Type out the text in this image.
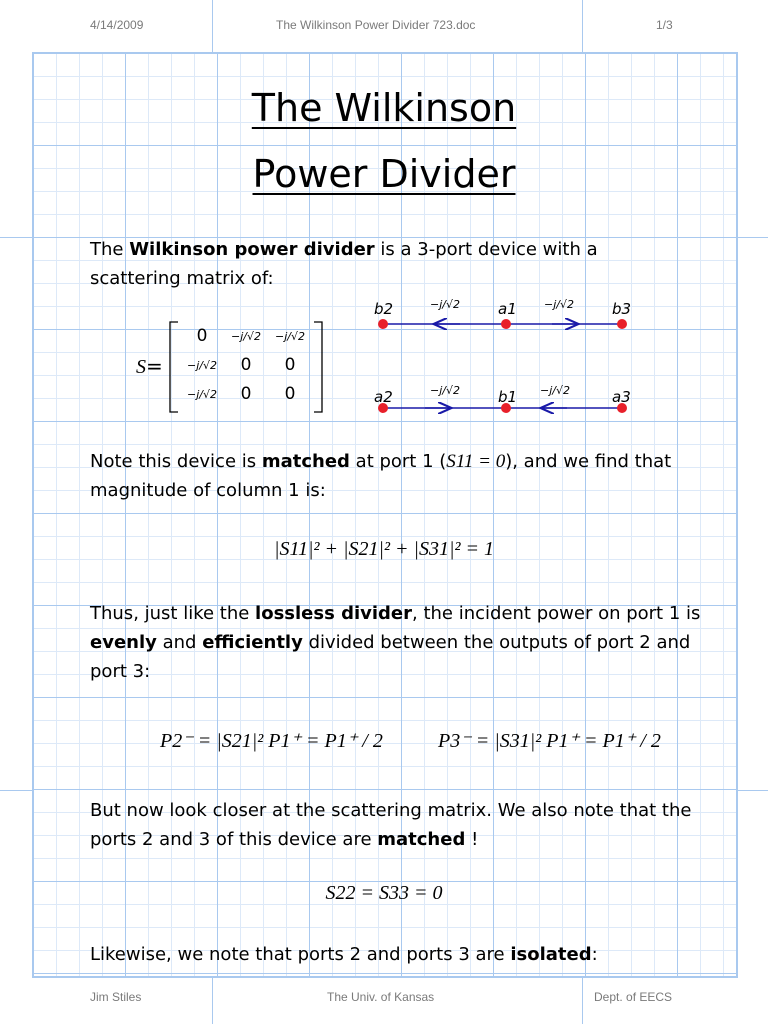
4/14/2009	The Wilkinson Power Divider 723.doc	1/3
The Wilkinson
Power Divider
The Wilkinson power divider is a 3-port device with a scattering matrix of:
S=
0	−j/√2	−j/√2
−j/√2	0	0
−j/√2	0	0
b2	a1	b3
a2	b1	a3
−j/√2	−j/√2
−j/√2	−j/√2
Note this device is matched at port 1 (S11 = 0), and we find that magnitude of column 1 is:
|S11|² + |S21|² + |S31|² = 1
Thus, just like the lossless divider, the incident power on port 1 is evenly and efficiently divided between the outputs of port 2 and port 3:
P2⁻ = |S21|² P1⁺ = P1⁺ / 2	P3⁻ = |S31|² P1⁺ = P1⁺ / 2
But now look closer at the scattering matrix. We also note that the ports 2 and 3 of this device are matched !
S22 = S33 = 0
Likewise, we note that ports 2 and ports 3 are isolated:
Jim Stiles	The Univ. of Kansas	Dept. of EECS
